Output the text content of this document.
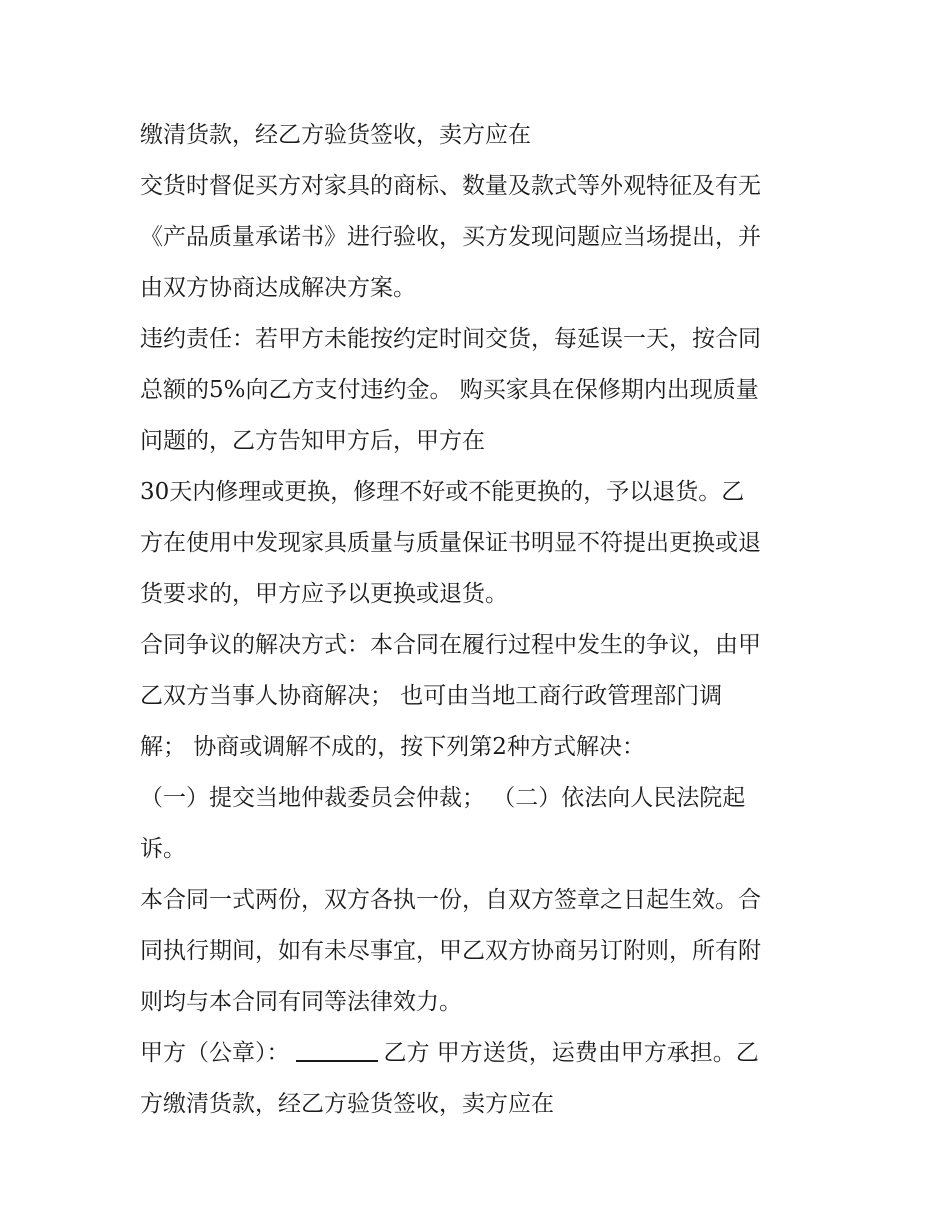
缴清货款，经乙方验货签收，卖方应在
交货时督促买方对家具的商标、数量及款式等外观特征及有无
《产品质量承诺书》进行验收，买方发现问题应当场提出，并
由双方协商达成解决方案。
违约责任：若甲方未能按约定时间交货，每延误一天，按合同
总额的5%向乙方支付违约金。 购买家具在保修期内出现质量
问题的，乙方告知甲方后，甲方在
30天内修理或更换，修理不好或不能更换的，予以退货。乙
方在使用中发现家具质量与质量保证书明显不符提出更换或退
货要求的，甲方应予以更换或退货。
合同争议的解决方式：本合同在履行过程中发生的争议，由甲
乙双方当事人协商解决； 也可由当地工商行政管理部门调
解； 协商或调解不成的，按下列第2种方式解决：
（一）提交当地仲裁委员会仲裁； （二）依法向人民法院起
诉。
本合同一式两份，双方各执一份，自双方签章之日起生效。合
同执行期间，如有未尽事宜，甲乙双方协商另订附则，所有附
则均与本合同有同等法律效力。
甲方（公章）：	乙方 甲方送货，运费由甲方承担。乙
方缴清货款，经乙方验货签收，卖方应在
